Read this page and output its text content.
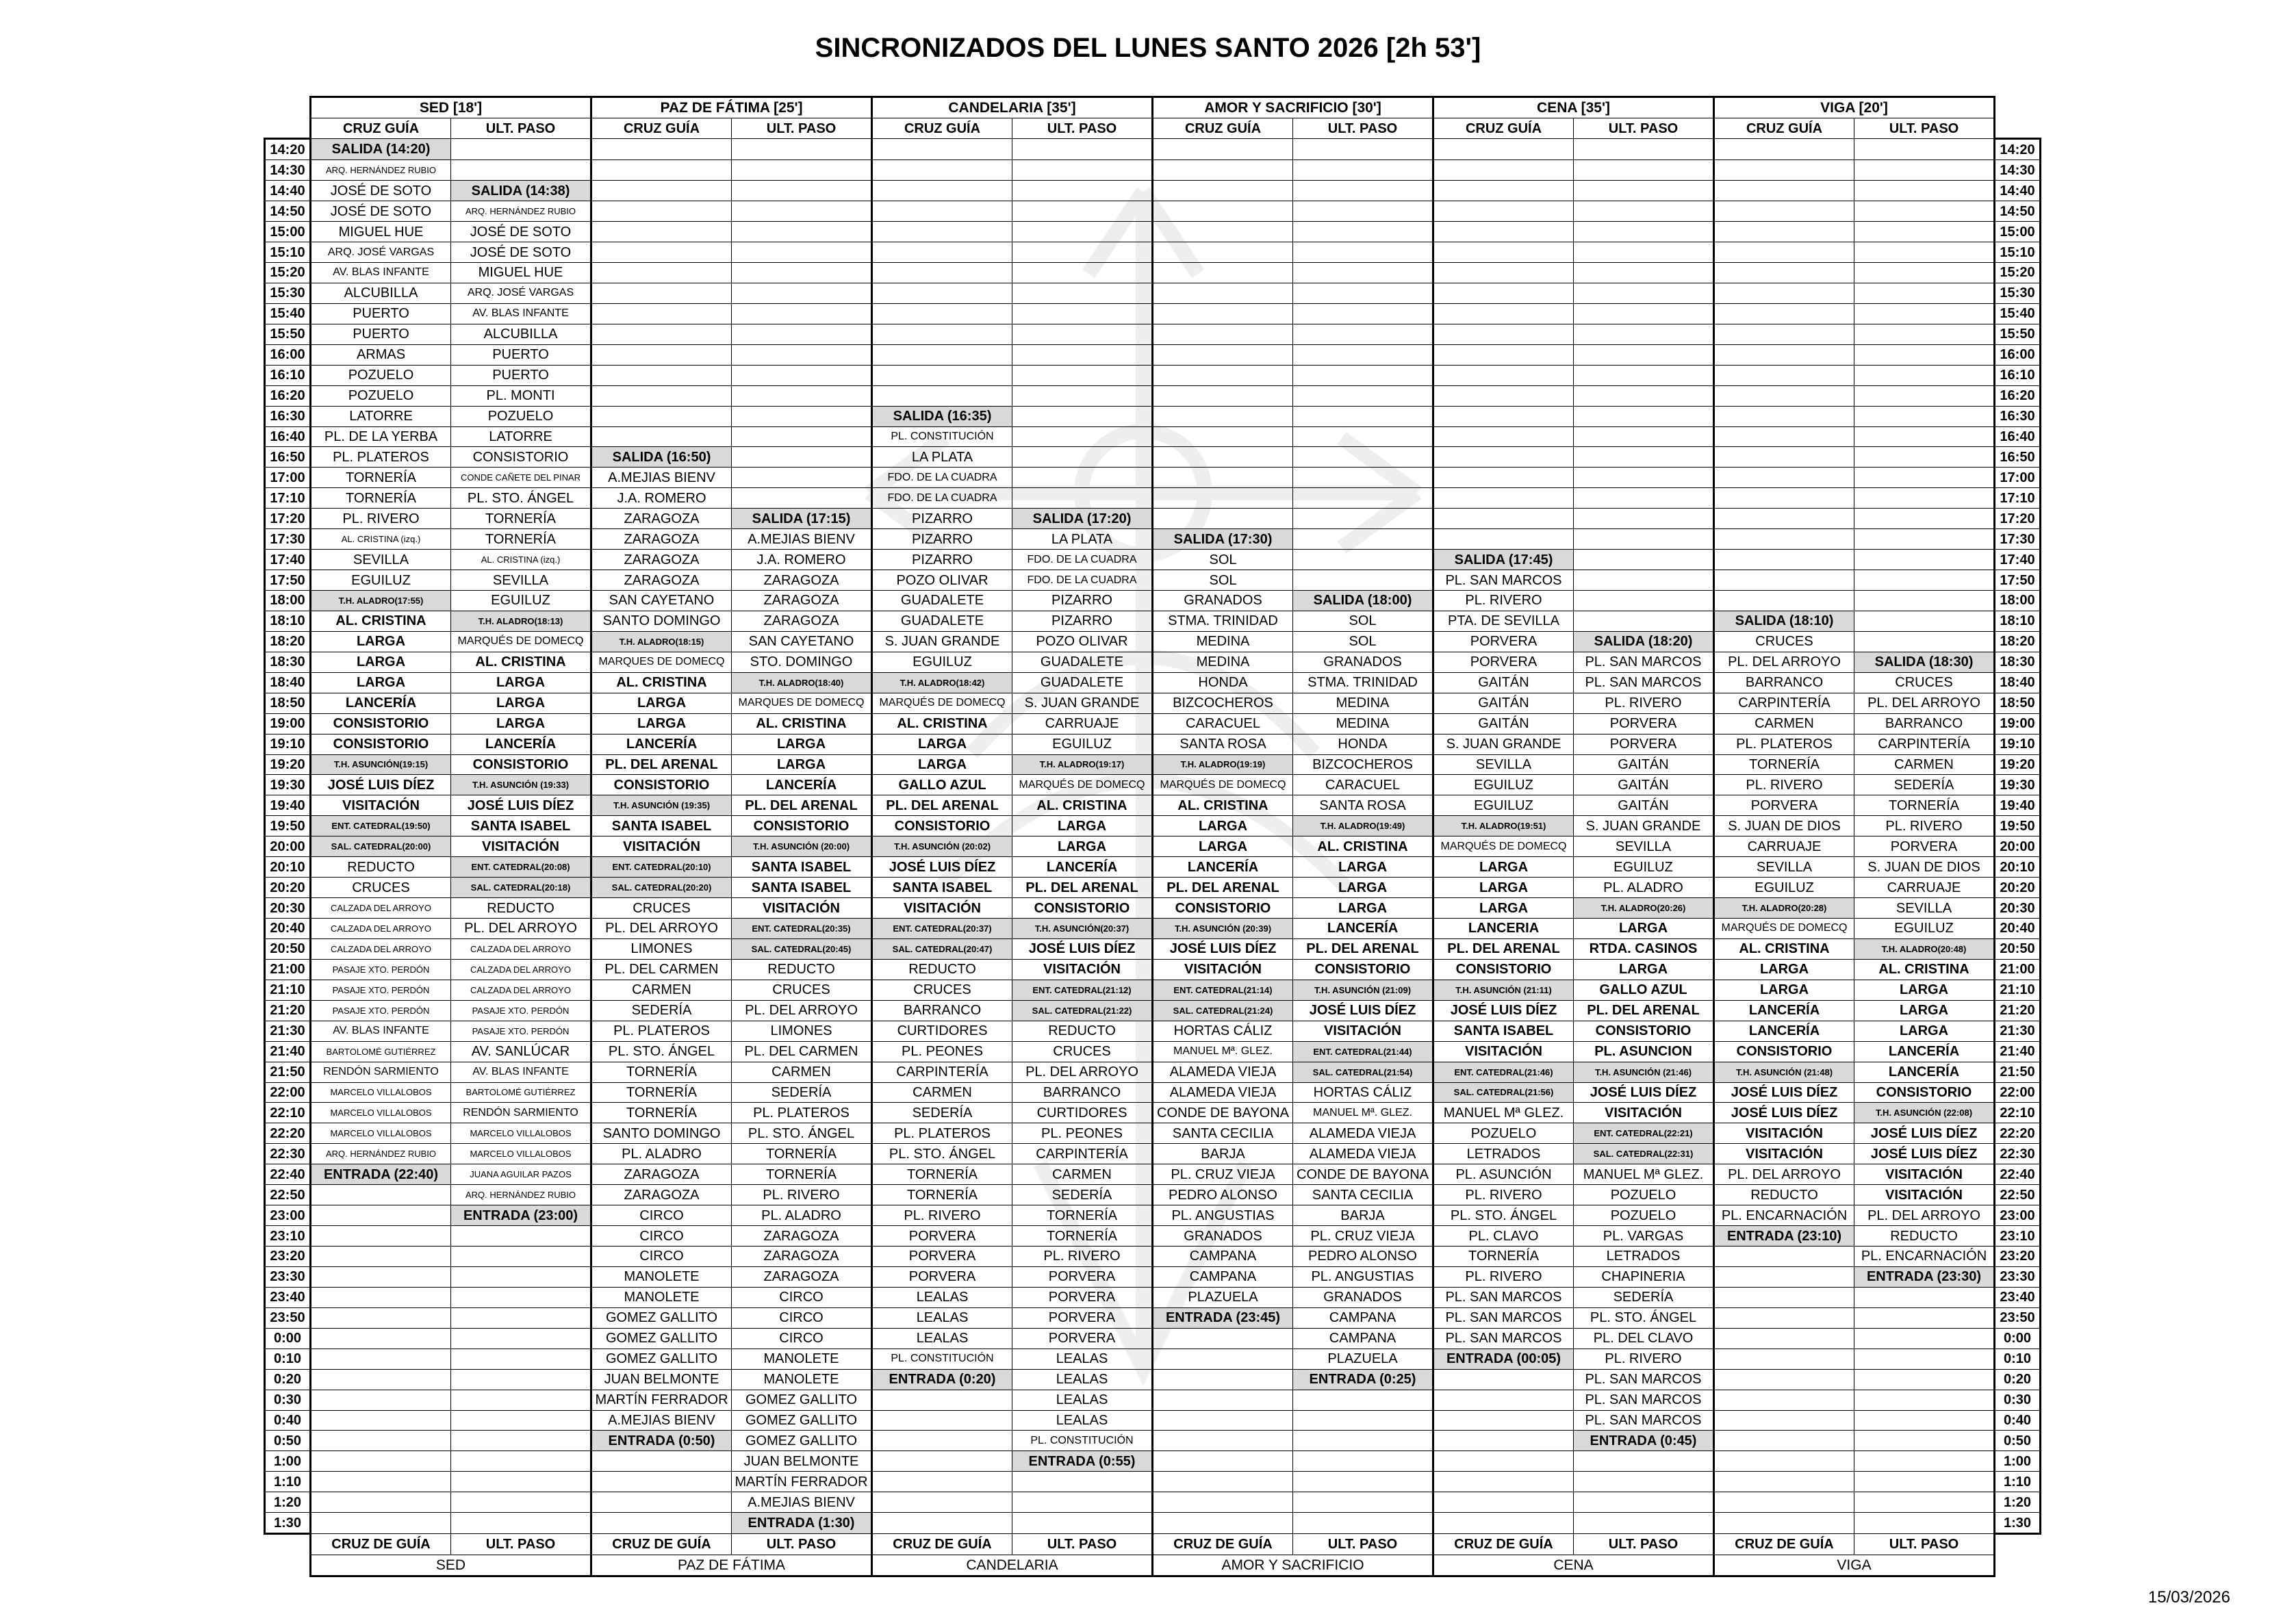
SINCRONIZADOS DEL LUNES SANTO 2026 [2h 53']
	SED [18']		PAZ DE FÁTIMA [25']		CANDELARIA [35']		AMOR Y SACRIFICIO [30']		CENA [35']		VIGA [20']		
	CRUZ GUÍA	ULT. PASO	CRUZ GUÍA	ULT. PASO	CRUZ GUÍA	ULT. PASO	CRUZ GUÍA	ULT. PASO	CRUZ GUÍA	ULT. PASO	CRUZ GUÍA	ULT. PASO	
14:20	SALIDA (14:20)												14:20
14:30	ARQ. HERNÁNDEZ RUBIO												14:30
14:40	JOSÉ DE SOTO	SALIDA (14:38)											14:40
14:50	JOSÉ DE SOTO	ARQ. HERNÁNDEZ RUBIO											14:50
15:00	MIGUEL HUE	JOSÉ DE SOTO											15:00
15:10	ARQ. JOSÉ VARGAS	JOSÉ DE SOTO											15:10
15:20	AV. BLAS INFANTE	MIGUEL HUE											15:20
15:30	ALCUBILLA	ARQ. JOSÉ VARGAS											15:30
15:40	PUERTO	AV. BLAS INFANTE											15:40
15:50	PUERTO	ALCUBILLA											15:50
16:00	ARMAS	PUERTO											16:00
16:10	POZUELO	PUERTO											16:10
16:20	POZUELO	PL. MONTI											16:20
16:30	LATORRE	POZUELO			SALIDA (16:35)								16:30
16:40	PL. DE LA YERBA	LATORRE			PL. CONSTITUCIÓN								16:40
16:50	PL. PLATEROS	CONSISTORIO	SALIDA (16:50)		LA PLATA								16:50
17:00	TORNERÍA	CONDE CAÑETE DEL PINAR	A.MEJIAS BIENV		FDO. DE LA CUADRA								17:00
17:10	TORNERÍA	PL. STO. ÁNGEL	J.A. ROMERO		FDO. DE LA CUADRA								17:10
17:20	PL. RIVERO	TORNERÍA	ZARAGOZA	SALIDA (17:15)	PIZARRO	SALIDA (17:20)							17:20
17:30	AL. CRISTINA (izq.)	TORNERÍA	ZARAGOZA	A.MEJIAS BIENV	PIZARRO	LA PLATA	SALIDA (17:30)						17:30
17:40	SEVILLA	AL. CRISTINA (izq.)	ZARAGOZA	J.A. ROMERO	PIZARRO	FDO. DE LA CUADRA	SOL		SALIDA (17:45)				17:40
17:50	EGUILUZ	SEVILLA	ZARAGOZA	ZARAGOZA	POZO OLIVAR	FDO. DE LA CUADRA	SOL		PL. SAN MARCOS				17:50
18:00	T.H. ALADRO(17:55)	EGUILUZ	SAN CAYETANO	ZARAGOZA	GUADALETE	PIZARRO	GRANADOS	SALIDA (18:00)	PL. RIVERO				18:00
18:10	AL. CRISTINA	T.H. ALADRO(18:13)	SANTO DOMINGO	ZARAGOZA	GUADALETE	PIZARRO	STMA. TRINIDAD	SOL	PTA. DE SEVILLA		SALIDA (18:10)		18:10
18:20	LARGA	MARQUÉS DE DOMECQ	T.H. ALADRO(18:15)	SAN CAYETANO	S. JUAN GRANDE	POZO OLIVAR	MEDINA	SOL	PORVERA	SALIDA (18:20)	CRUCES		18:20
18:30	LARGA	AL. CRISTINA	MARQUES DE DOMECQ	STO. DOMINGO	EGUILUZ	GUADALETE	MEDINA	GRANADOS	PORVERA	PL. SAN MARCOS	PL. DEL ARROYO	SALIDA (18:30)	18:30
18:40	LARGA	LARGA	AL. CRISTINA	T.H. ALADRO(18:40)	T.H. ALADRO(18:42)	GUADALETE	HONDA	STMA. TRINIDAD	GAITÁN	PL. SAN MARCOS	BARRANCO	CRUCES	18:40
18:50	LANCERÍA	LARGA	LARGA	MARQUES DE DOMECQ	MARQUÉS DE DOMECQ	S. JUAN GRANDE	BIZCOCHEROS	MEDINA	GAITÁN	PL. RIVERO	CARPINTERÍA	PL. DEL ARROYO	18:50
19:00	CONSISTORIO	LARGA	LARGA	AL. CRISTINA	AL. CRISTINA	CARRUAJE	CARACUEL	MEDINA	GAITÁN	PORVERA	CARMEN	BARRANCO	19:00
19:10	CONSISTORIO	LANCERÍA	LANCERÍA	LARGA	LARGA	EGUILUZ	SANTA ROSA	HONDA	S. JUAN GRANDE	PORVERA	PL. PLATEROS	CARPINTERÍA	19:10
19:20	T.H. ASUNCIÓN(19:15)	CONSISTORIO	PL. DEL ARENAL	LARGA	LARGA	T.H. ALADRO(19:17)	T.H. ALADRO(19:19)	BIZCOCHEROS	SEVILLA	GAITÁN	TORNERÍA	CARMEN	19:20
19:30	JOSÉ LUIS DÍEZ	T.H. ASUNCIÓN (19:33)	CONSISTORIO	LANCERÍA	GALLO AZUL	MARQUÉS DE DOMECQ	MARQUÉS DE DOMECQ	CARACUEL	EGUILUZ	GAITÁN	PL. RIVERO	SEDERÍA	19:30
19:40	VISITACIÓN	JOSÉ LUIS DÍEZ	T.H. ASUNCIÓN (19:35)	PL. DEL ARENAL	PL. DEL ARENAL	AL. CRISTINA	AL. CRISTINA	SANTA ROSA	EGUILUZ	GAITÁN	PORVERA	TORNERÍA	19:40
19:50	ENT. CATEDRAL(19:50)	SANTA ISABEL	SANTA ISABEL	CONSISTORIO	CONSISTORIO	LARGA	LARGA	T.H. ALADRO(19:49)	T.H. ALADRO(19:51)	S. JUAN GRANDE	S. JUAN DE DIOS	PL. RIVERO	19:50
20:00	SAL. CATEDRAL(20:00)	VISITACIÓN	VISITACIÓN	T.H. ASUNCIÓN (20:00)	T.H. ASUNCIÓN (20:02)	LARGA	LARGA	AL. CRISTINA	MARQUÉS DE DOMECQ	SEVILLA	CARRUAJE	PORVERA	20:00
20:10	REDUCTO	ENT. CATEDRAL(20:08)	ENT. CATEDRAL(20:10)	SANTA ISABEL	JOSÉ LUIS DÍEZ	LANCERÍA	LANCERÍA	LARGA	LARGA	EGUILUZ	SEVILLA	S. JUAN DE DIOS	20:10
20:20	CRUCES	SAL. CATEDRAL(20:18)	SAL. CATEDRAL(20:20)	SANTA ISABEL	SANTA ISABEL	PL. DEL ARENAL	PL. DEL ARENAL	LARGA	LARGA	PL. ALADRO	EGUILUZ	CARRUAJE	20:20
20:30	CALZADA DEL ARROYO	REDUCTO	CRUCES	VISITACIÓN	VISITACIÓN	CONSISTORIO	CONSISTORIO	LARGA	LARGA	T.H. ALADRO(20:26)	T.H. ALADRO(20:28)	SEVILLA	20:30
20:40	CALZADA DEL ARROYO	PL. DEL ARROYO	PL. DEL ARROYO	ENT. CATEDRAL(20:35)	ENT. CATEDRAL(20:37)	T.H. ASUNCIÓN(20:37)	T.H. ASUNCIÓN (20:39)	LANCERÍA	LANCERIA	LARGA	MARQUÉS DE DOMECQ	EGUILUZ	20:40
20:50	CALZADA DEL ARROYO	CALZADA DEL ARROYO	LIMONES	SAL. CATEDRAL(20:45)	SAL. CATEDRAL(20:47)	JOSÉ LUIS DÍEZ	JOSÉ LUIS DÍEZ	PL. DEL ARENAL	PL. DEL ARENAL	RTDA. CASINOS	AL. CRISTINA	T.H. ALADRO(20:48)	20:50
21:00	PASAJE XTO. PERDÓN	CALZADA DEL ARROYO	PL. DEL CARMEN	REDUCTO	REDUCTO	VISITACIÓN	VISITACIÓN	CONSISTORIO	CONSISTORIO	LARGA	LARGA	AL. CRISTINA	21:00
21:10	PASAJE XTO. PERDÓN	CALZADA DEL ARROYO	CARMEN	CRUCES	CRUCES	ENT. CATEDRAL(21:12)	ENT. CATEDRAL(21:14)	T.H. ASUNCIÓN (21:09)	T.H. ASUNCIÓN (21:11)	GALLO AZUL	LARGA	LARGA	21:10
21:20	PASAJE XTO. PERDÓN	PASAJE XTO. PERDÓN	SEDERÍA	PL. DEL ARROYO	BARRANCO	SAL. CATEDRAL(21:22)	SAL. CATEDRAL(21:24)	JOSÉ LUIS DÍEZ	JOSÉ LUIS DÍEZ	PL. DEL ARENAL	LANCERÍA	LARGA	21:20
21:30	AV. BLAS INFANTE	PASAJE XTO. PERDÓN	PL. PLATEROS	LIMONES	CURTIDORES	REDUCTO	HORTAS CÁLIZ	VISITACIÓN	SANTA ISABEL	CONSISTORIO	LANCERÍA	LARGA	21:30
21:40	BARTOLOMÉ GUTIÉRREZ	AV. SANLÚCAR	PL. STO. ÁNGEL	PL. DEL CARMEN	PL. PEONES	CRUCES	MANUEL Mª. GLEZ.	ENT. CATEDRAL(21:44)	VISITACIÓN	PL. ASUNCION	CONSISTORIO	LANCERÍA	21:40
21:50	RENDÓN SARMIENTO	AV. BLAS INFANTE	TORNERÍA	CARMEN	CARPINTERÍA	PL. DEL ARROYO	ALAMEDA VIEJA	SAL. CATEDRAL(21:54)	ENT. CATEDRAL(21:46)	T.H. ASUNCIÓN (21:46)	T.H. ASUNCIÓN (21:48)	LANCERÍA	21:50
22:00	MARCELO VILLALOBOS	BARTOLOMÉ GUTIÉRREZ	TORNERÍA	SEDERÍA	CARMEN	BARRANCO	ALAMEDA VIEJA	HORTAS CÁLIZ	SAL. CATEDRAL(21:56)	JOSÉ LUIS DÍEZ	JOSÉ LUIS DÍEZ	CONSISTORIO	22:00
22:10	MARCELO VILLALOBOS	RENDÓN SARMIENTO	TORNERÍA	PL. PLATEROS	SEDERÍA	CURTIDORES	CONDE DE BAYONA	MANUEL Mª. GLEZ.	MANUEL Mª GLEZ.	VISITACIÓN	JOSÉ LUIS DÍEZ	T.H. ASUNCIÓN (22:08)	22:10
22:20	MARCELO VILLALOBOS	MARCELO VILLALOBOS	SANTO DOMINGO	PL. STO. ÁNGEL	PL. PLATEROS	PL. PEONES	SANTA CECILIA	ALAMEDA VIEJA	POZUELO	ENT. CATEDRAL(22:21)	VISITACIÓN	JOSÉ LUIS DÍEZ	22:20
22:30	ARQ. HERNÁNDEZ RUBIO	MARCELO VILLALOBOS	PL. ALADRO	TORNERÍA	PL. STO. ÁNGEL	CARPINTERÍA	BARJA	ALAMEDA VIEJA	LETRADOS	SAL. CATEDRAL(22:31)	VISITACIÓN	JOSÉ LUIS DÍEZ	22:30
22:40	ENTRADA (22:40)	JUANA AGUILAR PAZOS	ZARAGOZA	TORNERÍA	TORNERÍA	CARMEN	PL. CRUZ VIEJA	CONDE DE BAYONA	PL. ASUNCIÓN	MANUEL Mª GLEZ.	PL. DEL ARROYO	VISITACIÓN	22:40
22:50		ARQ. HERNÁNDEZ RUBIO	ZARAGOZA	PL. RIVERO	TORNERÍA	SEDERÍA	PEDRO ALONSO	SANTA CECILIA	PL. RIVERO	POZUELO	REDUCTO	VISITACIÓN	22:50
23:00		ENTRADA (23:00)	CIRCO	PL. ALADRO	PL. RIVERO	TORNERÍA	PL. ANGUSTIAS	BARJA	PL. STO. ÁNGEL	POZUELO	PL. ENCARNACIÓN	PL. DEL ARROYO	23:00
23:10			CIRCO	ZARAGOZA	PORVERA	TORNERÍA	GRANADOS	PL. CRUZ VIEJA	PL. CLAVO	PL. VARGAS	ENTRADA (23:10)	REDUCTO	23:10
23:20			CIRCO	ZARAGOZA	PORVERA	PL. RIVERO	CAMPANA	PEDRO ALONSO	TORNERÍA	LETRADOS		PL. ENCARNACIÓN	23:20
23:30			MANOLETE	ZARAGOZA	PORVERA	PORVERA	CAMPANA	PL. ANGUSTIAS	PL. RIVERO	CHAPINERIA		ENTRADA (23:30)	23:30
23:40			MANOLETE	CIRCO	LEALAS	PORVERA	PLAZUELA	GRANADOS	PL. SAN MARCOS	SEDERÍA			23:40
23:50			GOMEZ GALLITO	CIRCO	LEALAS	PORVERA	ENTRADA (23:45)	CAMPANA	PL. SAN MARCOS	PL. STO. ÁNGEL			23:50
0:00			GOMEZ GALLITO	CIRCO	LEALAS	PORVERA		CAMPANA	PL. SAN MARCOS	PL. DEL CLAVO			0:00
0:10			GOMEZ GALLITO	MANOLETE	PL. CONSTITUCIÓN	LEALAS		PLAZUELA	ENTRADA (00:05)	PL. RIVERO			0:10
0:20			JUAN BELMONTE	MANOLETE	ENTRADA (0:20)	LEALAS		ENTRADA (0:25)		PL. SAN MARCOS			0:20
0:30			MARTÍN FERRADOR	GOMEZ GALLITO		LEALAS				PL. SAN MARCOS			0:30
0:40			A.MEJIAS BIENV	GOMEZ GALLITO		LEALAS				PL. SAN MARCOS			0:40
0:50			ENTRADA (0:50)	GOMEZ GALLITO		PL. CONSTITUCIÓN				ENTRADA (0:45)			0:50
1:00				JUAN BELMONTE		ENTRADA (0:55)							1:00
1:10				MARTÍN FERRADOR									1:10
1:20				A.MEJIAS BIENV									1:20
1:30				ENTRADA (1:30)									1:30
	CRUZ DE GUÍA	ULT. PASO	CRUZ DE GUÍA	ULT. PASO	CRUZ DE GUÍA	ULT. PASO	CRUZ DE GUÍA	ULT. PASO	CRUZ DE GUÍA	ULT. PASO	CRUZ DE GUÍA	ULT. PASO	
	SED		PAZ DE FÁTIMA		CANDELARIA		AMOR Y SACRIFICIO		CENA		VIGA		
15/03/2026
